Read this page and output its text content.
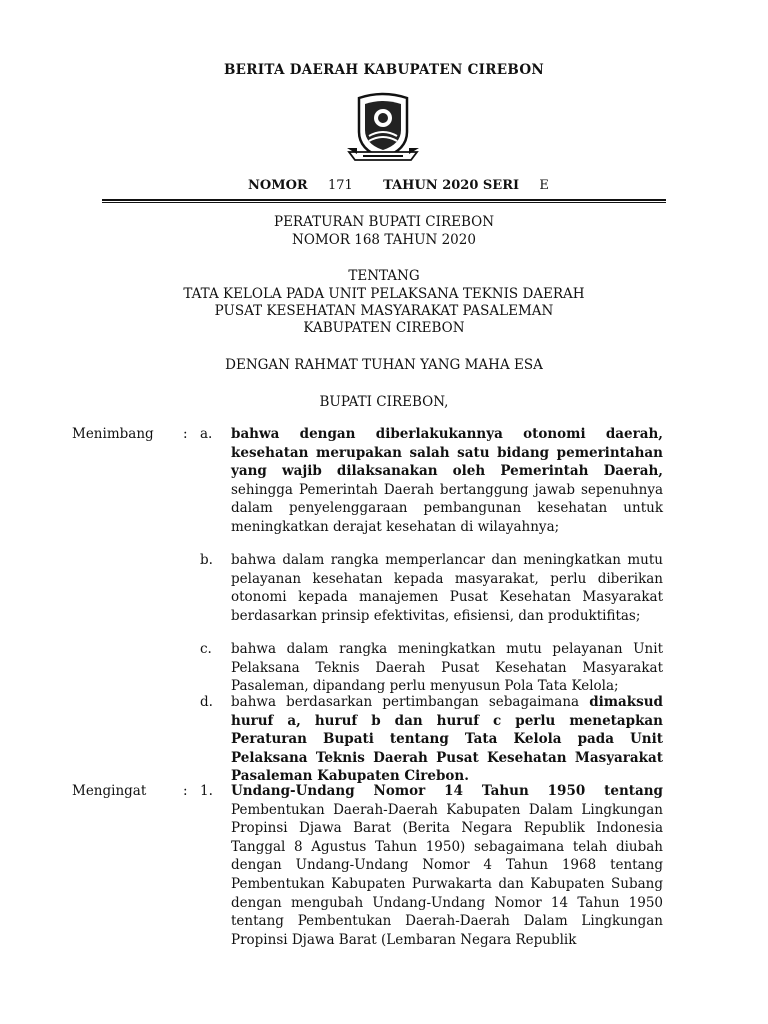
BERITA DAERAH KABUPATEN CIREBON
NOMOR 171 TAHUN 2020 SERI E
PERATURAN BUPATI CIREBON
NOMOR 168 TAHUN 2020
TENTANG
TATA KELOLA PADA UNIT PELAKSANA TEKNIS DAERAH
PUSAT KESEHATAN MASYARAKAT PASALEMAN
KABUPATEN CIREBON
DENGAN RAHMAT TUHAN YANG MAHA ESA
BUPATI CIREBON,
Menimbang : a. bahwa dengan diberlakukannya otonomi daerah, kesehatan merupakan salah satu bidang pemerintahan yang wajib dilaksanakan oleh Pemerintah Daerah, sehingga Pemerintah Daerah bertanggung jawab sepenuhnya dalam penyelenggaraan pembangunan kesehatan untuk meningkatkan derajat kesehatan di wilayahnya;
b. bahwa dalam rangka memperlancar dan meningkatkan mutu pelayanan kesehatan kepada masyarakat, perlu diberikan otonomi kepada manajemen Pusat Kesehatan Masyarakat berdasarkan prinsip efektivitas, efisiensi, dan produktifitas;
c. bahwa dalam rangka meningkatkan mutu pelayanan Unit Pelaksana Teknis Daerah Pusat Kesehatan Masyarakat Pasaleman, dipandang perlu menyusun Pola Tata Kelola;
d. bahwa berdasarkan pertimbangan sebagaimana dimaksud huruf a, huruf b dan huruf c perlu menetapkan Peraturan Bupati tentang Tata Kelola pada Unit Pelaksana Teknis Daerah Pusat Kesehatan Masyarakat Pasaleman Kabupaten Cirebon.
Mengingat	: 1. Undang-Undang Nomor 14 Tahun 1950 tentang Pembentukan Daerah-Daerah Kabupaten Dalam Lingkungan Propinsi Djawa Barat (Berita Negara Republik Indonesia Tanggal 8 Agustus Tahun 1950) sebagaimana telah diubah dengan Undang-Undang Nomor 4 Tahun 1968 tentang Pembentukan Kabupaten Purwakarta dan Kabupaten Subang dengan mengubah Undang-Undang Nomor 14 Tahun 1950 tentang Pembentukan Daerah-Daerah Dalam Lingkungan Propinsi Djawa Barat (Lembaran Negara Republik
